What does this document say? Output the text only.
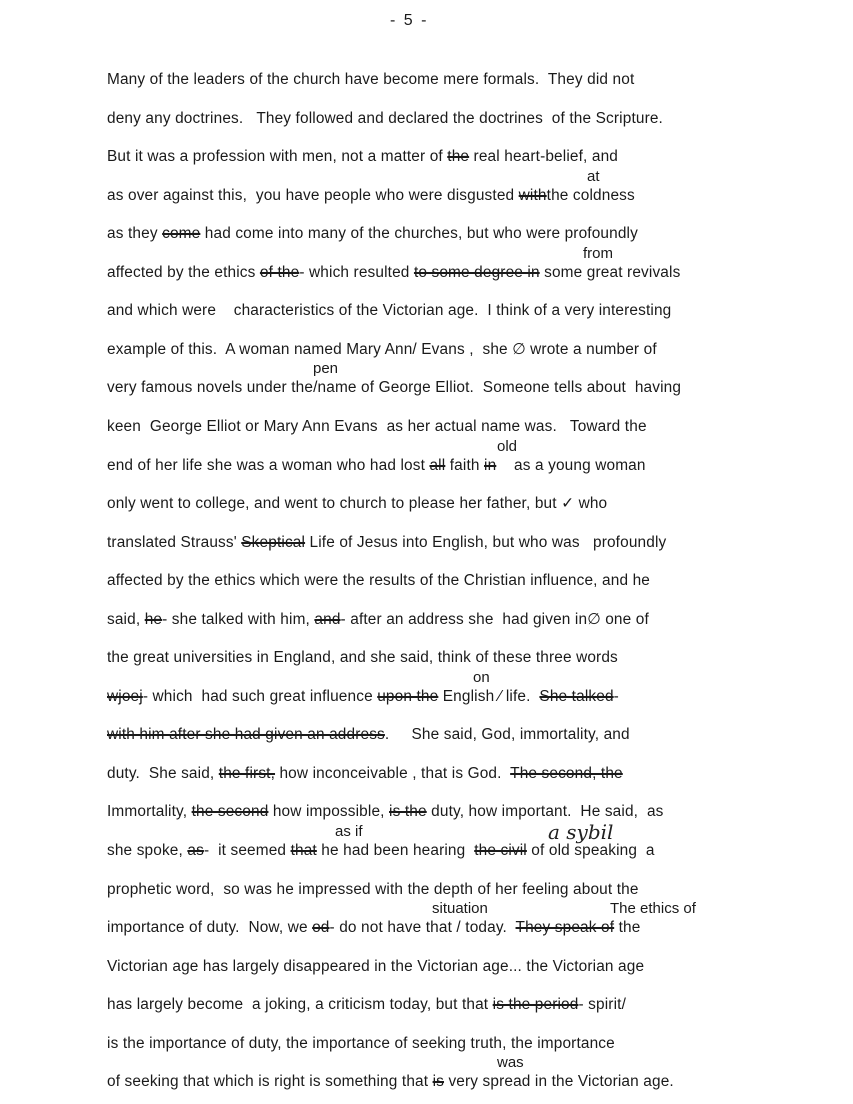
- 5 -
Many of the leaders of the church have become mere formals.  They did not
deny any doctrines.   They followed and declared the doctrines  of the Scripture.
But it was a profession with men, not a matter of the real heart-belief, and
as over against this,  you have people who were disgusted withthe coldness
as they come had come into many of the churches, but who were profoundly
affected by the ethics of the- which resulted to some degree in some great revivals
and which were    characteristics of the Victorian age.  I think of a very interesting
example of this.  A woman named Mary Ann/ Evans ,  she ∅ wrote a number of
very famous novels under the/name of George Elliot.  Someone tells about  having
keen  George Elliot or Mary Ann Evans  as her actual name was.   Toward the
end of her life she was a woman who had lost all faith in    as a young woman
only went to college, and went to church to please her father, but ✓ who
translated Strauss' Skeptical Life of Jesus into English, but who was   profoundly
affected by the ethics which were the results of the Christian influence, and he
said, he- she talked with him, and- after an address she  had given in∅ one of
the great universities in England, and she said, think of these three words
wjoej- which  had such great influence upon the English ⁄ life.  She talked-
with him after she had given an address.     She said, God, immortality, and
duty.  She said, the first, how inconceivable , that is God.  The second, the
Immortality, the second how impossible, is the duty, how important.  He said,  as
she spoke, as-  it seemed that he had been hearing  the civil of old speaking  a
prophetic word,  so was he impressed with the depth of her feeling about the
importance of duty.  Now, we od- do not have that / today.  They speak of the
Victorian age has largely disappeared in the Victorian age... the Victorian age
has largely become  a joking, a criticism today, but that is the period- spirit/
is the importance of duty, the importance of seeking truth, the importance
of seeking that which is right is something that is very spread in the Victorian age.
at
from
pen
old
on
as if
situation	The ethics of
was
a sybil
